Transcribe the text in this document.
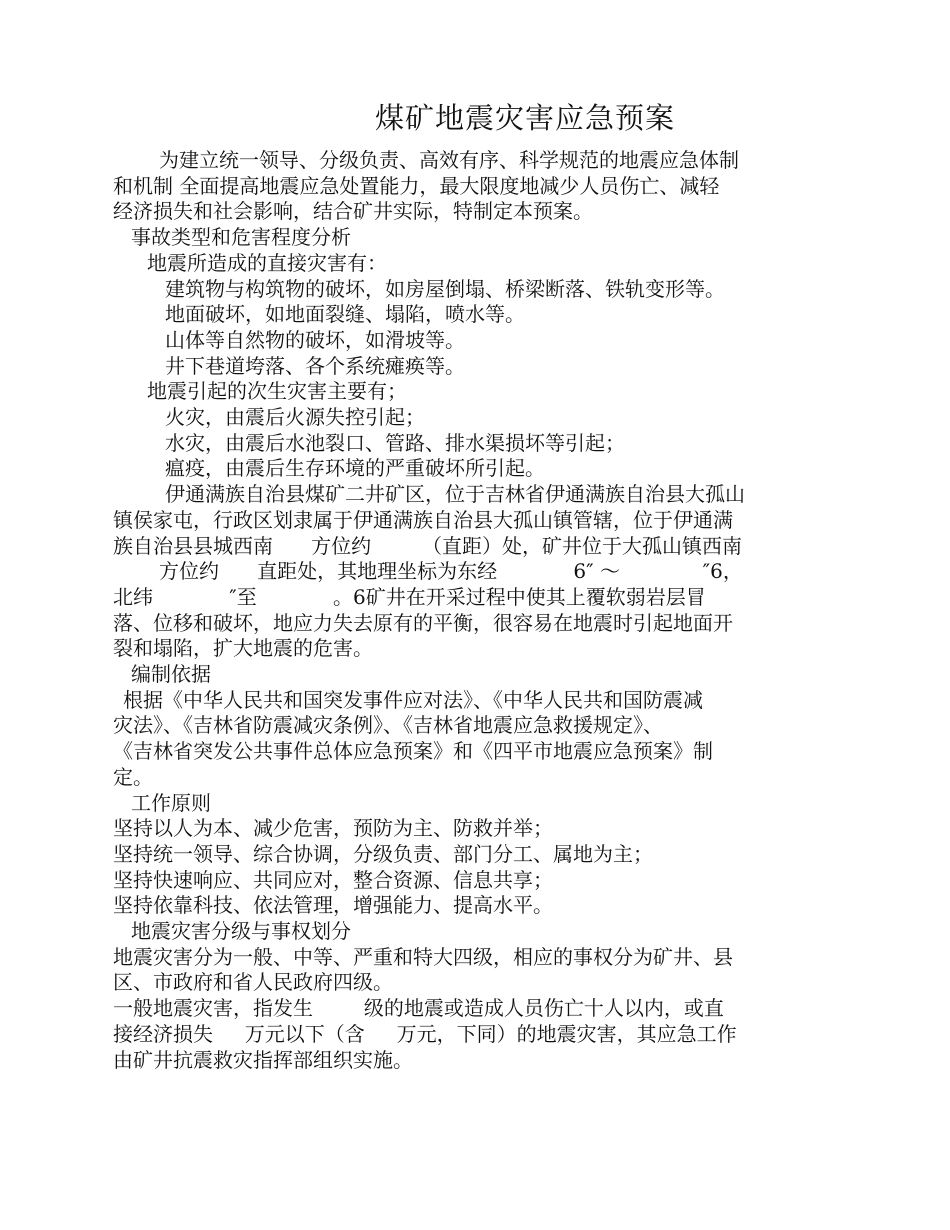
煤矿地震灾害应急预案
为建立统一领导、分级负责、高效有序、科学规范的地震应急体制
和机制 全面提高地震应急处置能力，最大限度地减少人员伤亡、减轻
经济损失和社会影响，结合矿井实际，特制定本预案。
事故类型和危害程度分析
地震所造成的直接灾害有：
建筑物与构筑物的破坏，如房屋倒塌、桥梁断落、铁轨变形等。
地面破坏，如地面裂缝、塌陷，喷水等。
山体等自然物的破坏，如滑坡等。
井下巷道垮落、各个系统瘫痪等。
地震引起的次生灾害主要有；
火灾，由震后火源失控引起；
水灾，由震后水池裂口、管路、排水渠损坏等引起；
瘟疫，由震后生存环境的严重破坏所引起。
伊通满族自治县煤矿二井矿区，位于吉林省伊通满族自治县大孤山
镇侯家屯，行政区划隶属于伊通满族自治县大孤山镇管辖，位于伊通满
族自治县县城西南      方位约        （直距）处，矿井位于大孤山镇西南
方位约      直距处，其地理坐标为东经            6″ ～             ″6，
北纬            ″至            。6矿井在开采过程中使其上覆软弱岩层冒
落、位移和破坏，地应力失去原有的平衡，很容易在地震时引起地面开
裂和塌陷，扩大地震的危害。
编制依据
根据《中华人民共和国突发事件应对法》、《中华人民共和国防震减
灾法》、《吉林省防震减灾条例》、《吉林省地震应急救援规定》、
《吉林省突发公共事件总体应急预案》和《四平市地震应急预案》制
定。
工作原则
坚持以人为本、减少危害，预防为主、防救并举；
坚持统一领导、综合协调，分级负责、部门分工、属地为主；
坚持快速响应、共同应对，整合资源、信息共享；
坚持依靠科技、依法管理，增强能力、提高水平。
地震灾害分级与事权划分
地震灾害分为一般、中等、严重和特大四级，相应的事权分为矿井、县
区、市政府和省人民政府四级。
一般地震灾害，指发生        级的地震或造成人员伤亡十人以内，或直
接经济损失     万元以下（含     万元，下同）的地震灾害，其应急工作
由矿井抗震救灾指挥部组织实施。
